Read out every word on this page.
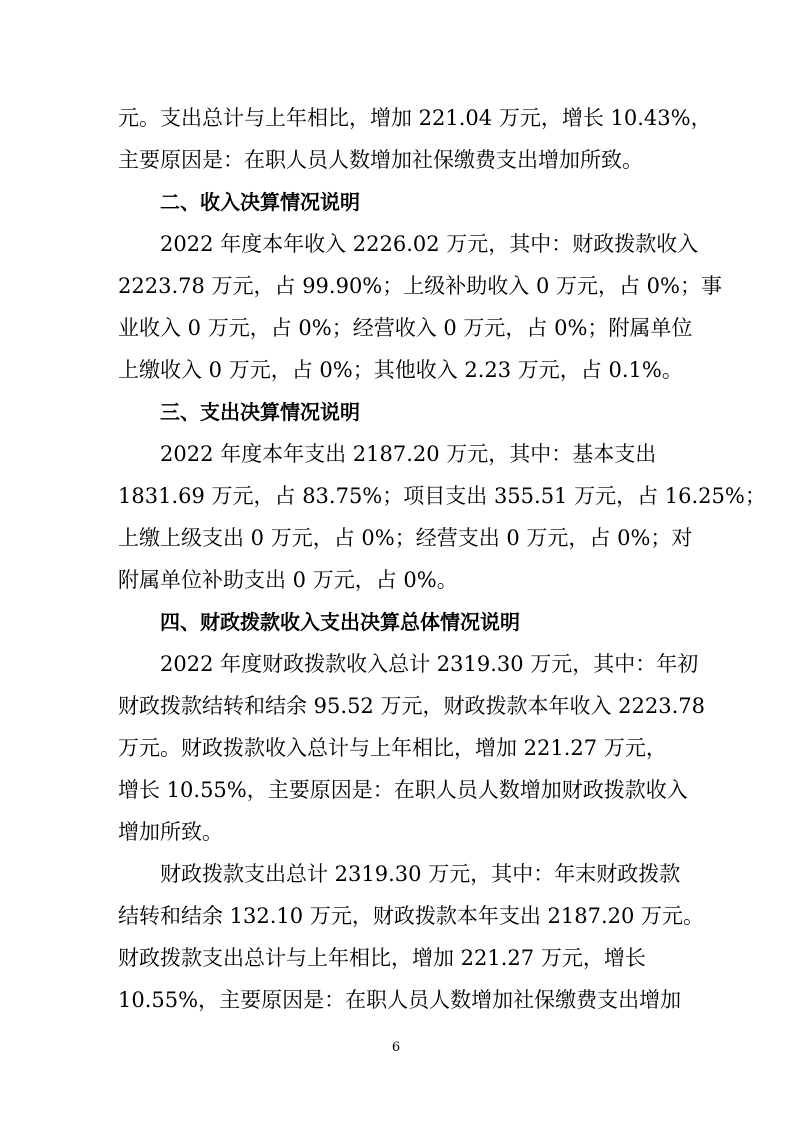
元。支出总计与上年相比，增加 221.04 万元，增长 10.43%，

主要原因是：在职人员人数增加社保缴费支出增加所致。

二、收入决算情况说明

2022 年度本年收入 2226.02 万元，其中：财政拨款收入

2223.78 万元，占 99.90%；上级补助收入 0 万元，占 0%；事

业收入 0 万元，占 0%；经营收入 0 万元，占 0%；附属单位

上缴收入 0 万元，占 0%；其他收入 2.23 万元，占 0.1%。

三、支出决算情况说明

2022 年度本年支出 2187.20 万元，其中：基本支出

1831.69 万元，占 83.75%；项目支出 355.51 万元，占 16.25%；

上缴上级支出 0 万元，占 0%；经营支出 0 万元，占 0%；对

附属单位补助支出 0 万元，占 0%。

四、财政拨款收入支出决算总体情况说明

2022 年度财政拨款收入总计 2319.30 万元，其中：年初

财政拨款结转和结余 95.52 万元，财政拨款本年收入 2223.78

万元。财政拨款收入总计与上年相比，增加 221.27 万元，

增长 10.55%，主要原因是：在职人员人数增加财政拨款收入

增加所致。

财政拨款支出总计 2319.30 万元，其中：年末财政拨款

结转和结余 132.10 万元，财政拨款本年支出 2187.20 万元。

财政拨款支出总计与上年相比，增加 221.27 万元，增长

10.55%，主要原因是：在职人员人数增加社保缴费支出增加

6
